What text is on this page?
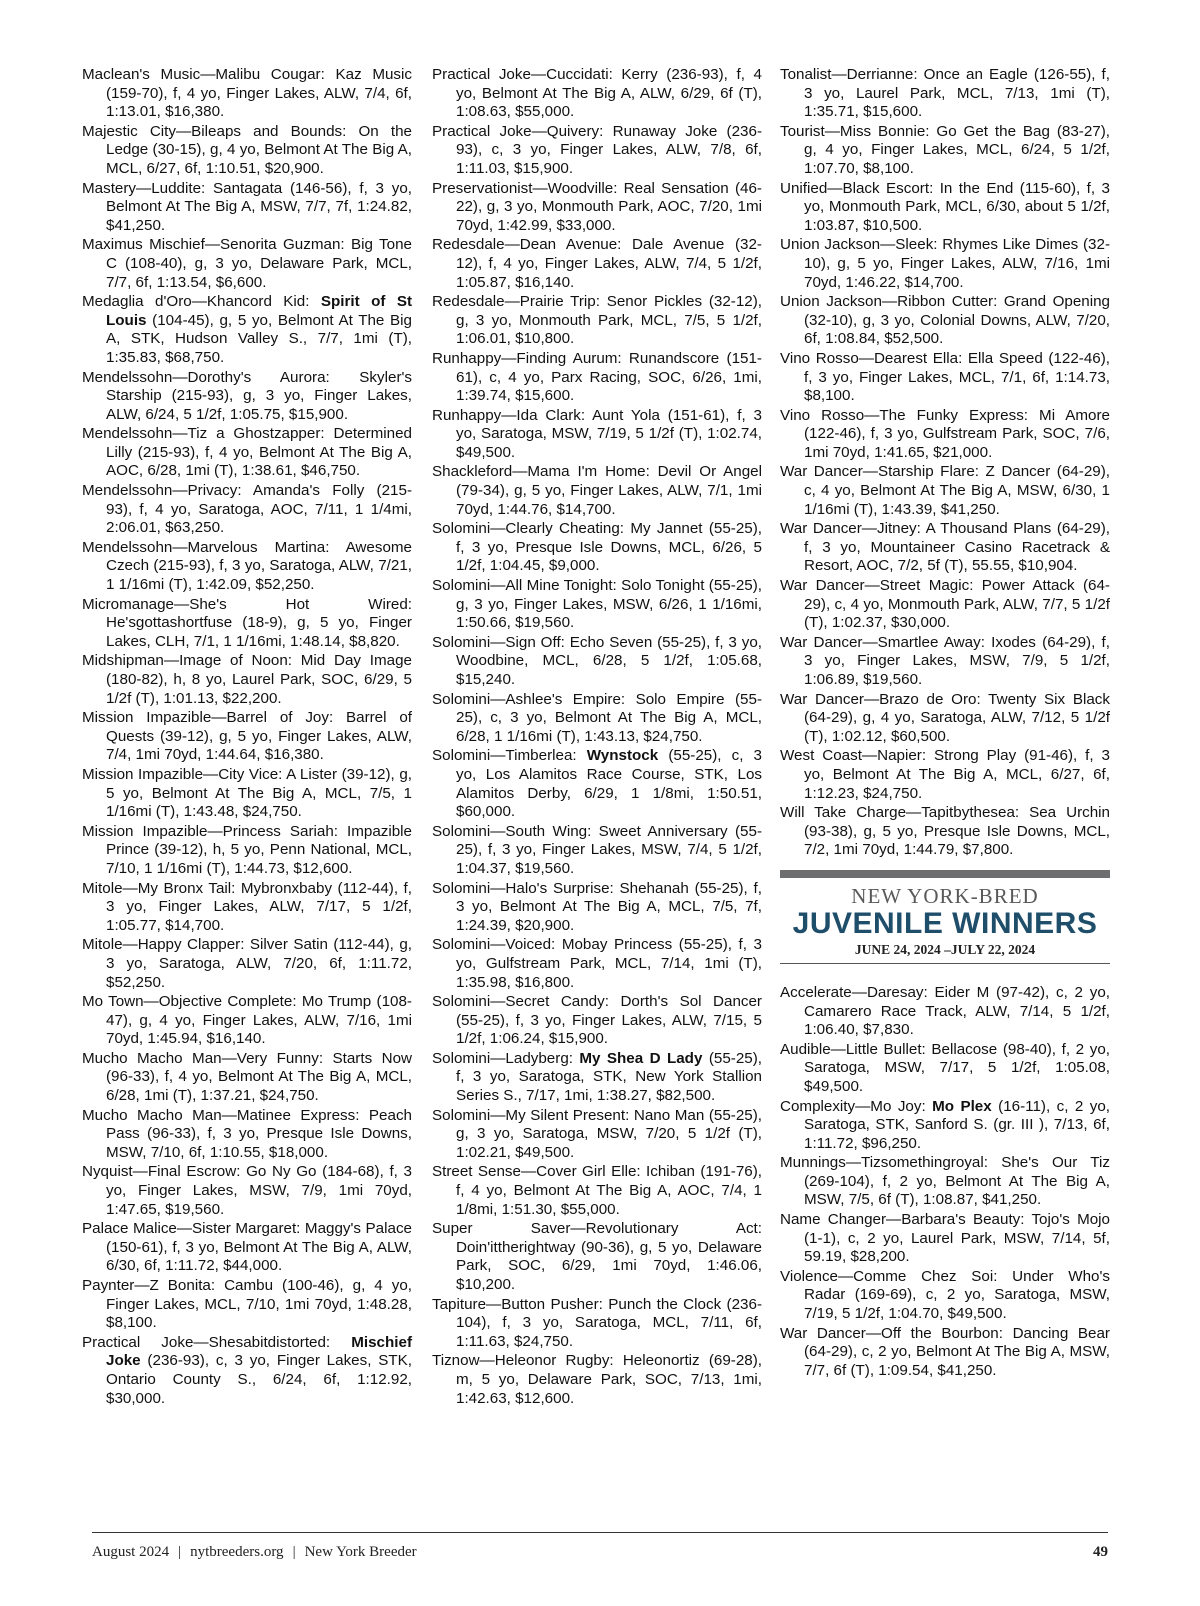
Maclean's Music—Malibu Cougar: Kaz Music (159-70), f, 4 yo, Finger Lakes, ALW, 7/4, 6f, 1:13.01, $16,380.

Majestic City—Bileaps and Bounds: On the Ledge (30-15), g, 4 yo, Belmont At The Big A, MCL, 6/27, 6f, 1:10.51, $20,900.

Mastery—Luddite: Santagata (146-56), f, 3 yo, Belmont At The Big A, MSW, 7/7, 7f, 1:24.82, $41,250.

Maximus Mischief—Senorita Guzman: Big Tone C (108-40), g, 3 yo, Delaware Park, MCL, 7/7, 6f, 1:13.54, $6,600.

Medaglia d'Oro—Khancord Kid: Spirit of St Louis (104-45), g, 5 yo, Belmont At The Big A, STK, Hudson Valley S., 7/7, 1mi (T), 1:35.83, $68,750.

Mendelssohn—Dorothy's Aurora: Skyler's Starship (215-93), g, 3 yo, Finger Lakes, ALW, 6/24, 5 1/2f, 1:05.75, $15,900.

Mendelssohn—Tiz a Ghostzapper: Determined Lilly (215-93), f, 4 yo, Belmont At The Big A, AOC, 6/28, 1mi (T), 1:38.61, $46,750.

Mendelssohn—Privacy: Amanda's Folly (215-93), f, 4 yo, Saratoga, AOC, 7/11, 1 1/4mi, 2:06.01, $63,250.

Mendelssohn—Marvelous Martina: Awesome Czech (215-93), f, 3 yo, Saratoga, ALW, 7/21, 1 1/16mi (T), 1:42.09, $52,250.

Micromanage—She's Hot Wired: He'sgottashortfuse (18-9), g, 5 yo, Finger Lakes, CLH, 7/1, 1 1/16mi, 1:48.14, $8,820.

Midshipman—Image of Noon: Mid Day Image (180-82), h, 8 yo, Laurel Park, SOC, 6/29, 5 1/2f (T), 1:01.13, $22,200.

Mission Impazible—Barrel of Joy: Barrel of Quests (39-12), g, 5 yo, Finger Lakes, ALW, 7/4, 1mi 70yd, 1:44.64, $16,380.

Mission Impazible—City Vice: A Lister (39-12), g, 5 yo, Belmont At The Big A, MCL, 7/5, 1 1/16mi (T), 1:43.48, $24,750.

Mission Impazible—Princess Sariah: Impazible Prince (39-12), h, 5 yo, Penn National, MCL, 7/10, 1 1/16mi (T), 1:44.73, $12,600.

Mitole—My Bronx Tail: Mybronxbaby (112-44), f, 3 yo, Finger Lakes, ALW, 7/17, 5 1/2f, 1:05.77, $14,700.

Mitole—Happy Clapper: Silver Satin (112-44), g, 3 yo, Saratoga, ALW, 7/20, 6f, 1:11.72, $52,250.

Mo Town—Objective Complete: Mo Trump (108-47), g, 4 yo, Finger Lakes, ALW, 7/16, 1mi 70yd, 1:45.94, $16,140.

Mucho Macho Man—Very Funny: Starts Now (96-33), f, 4 yo, Belmont At The Big A, MCL, 6/28, 1mi (T), 1:37.21, $24,750.

Mucho Macho Man—Matinee Express: Peach Pass (96-33), f, 3 yo, Presque Isle Downs, MSW, 7/10, 6f, 1:10.55, $18,000.

Nyquist—Final Escrow: Go Ny Go (184-68), f, 3 yo, Finger Lakes, MSW, 7/9, 1mi 70yd, 1:47.65, $19,560.

Palace Malice—Sister Margaret: Maggy's Palace (150-61), f, 3 yo, Belmont At The Big A, ALW, 6/30, 6f, 1:11.72, $44,000.

Paynter—Z Bonita: Cambu (100-46), g, 4 yo, Finger Lakes, MCL, 7/10, 1mi 70yd, 1:48.28, $8,100.

Practical Joke—Shesabitdistorted: Mischief Joke (236-93), c, 3 yo, Finger Lakes, STK, Ontario County S., 6/24, 6f, 1:12.92, $30,000.

Practical Joke—Cuccidati: Kerry (236-93), f, 4 yo, Belmont At The Big A, ALW, 6/29, 6f (T), 1:08.63, $55,000.

Practical Joke—Quivery: Runaway Joke (236-93), c, 3 yo, Finger Lakes, ALW, 7/8, 6f, 1:11.03, $15,900.

Preservationist—Woodville: Real Sensation (46-22), g, 3 yo, Monmouth Park, AOC, 7/20, 1mi 70yd, 1:42.99, $33,000.

Redesdale—Dean Avenue: Dale Avenue (32-12), f, 4 yo, Finger Lakes, ALW, 7/4, 5 1/2f, 1:05.87, $16,140.

Redesdale—Prairie Trip: Senor Pickles (32-12), g, 3 yo, Monmouth Park, MCL, 7/5, 5 1/2f, 1:06.01, $10,800.

Runhappy—Finding Aurum: Runandscore (151-61), c, 4 yo, Parx Racing, SOC, 6/26, 1mi, 1:39.74, $15,600.

Runhappy—Ida Clark: Aunt Yola (151-61), f, 3 yo, Saratoga, MSW, 7/19, 5 1/2f (T), 1:02.74, $49,500.

Shackleford—Mama I'm Home: Devil Or Angel (79-34), g, 5 yo, Finger Lakes, ALW, 7/1, 1mi 70yd, 1:44.76, $14,700.

Solomini—Clearly Cheating: My Jannet (55-25), f, 3 yo, Presque Isle Downs, MCL, 6/26, 5 1/2f, 1:04.45, $9,000.

Solomini—All Mine Tonight: Solo Tonight (55-25), g, 3 yo, Finger Lakes, MSW, 6/26, 1 1/16mi, 1:50.66, $19,560.

Solomini—Sign Off: Echo Seven (55-25), f, 3 yo, Woodbine, MCL, 6/28, 5 1/2f, 1:05.68, $15,240.

Solomini—Ashlee's Empire: Solo Empire (55-25), c, 3 yo, Belmont At The Big A, MCL, 6/28, 1 1/16mi (T), 1:43.13, $24,750.

Solomini—Timberlea: Wynstock (55-25), c, 3 yo, Los Alamitos Race Course, STK, Los Alamitos Derby, 6/29, 1 1/8mi, 1:50.51, $60,000.

Solomini—South Wing: Sweet Anniversary (55-25), f, 3 yo, Finger Lakes, MSW, 7/4, 5 1/2f, 1:04.37, $19,560.

Solomini—Halo's Surprise: Shehanah (55-25), f, 3 yo, Belmont At The Big A, MCL, 7/5, 7f, 1:24.39, $20,900.

Solomini—Voiced: Mobay Princess (55-25), f, 3 yo, Gulfstream Park, MCL, 7/14, 1mi (T), 1:35.98, $16,800.

Solomini—Secret Candy: Dorth's Sol Dancer (55-25), f, 3 yo, Finger Lakes, ALW, 7/15, 5 1/2f, 1:06.24, $15,900.

Solomini—Ladyberg: My Shea D Lady (55-25), f, 3 yo, Saratoga, STK, New York Stallion Series S., 7/17, 1mi, 1:38.27, $82,500.

Solomini—My Silent Present: Nano Man (55-25), g, 3 yo, Saratoga, MSW, 7/20, 5 1/2f (T), 1:02.21, $49,500.

Street Sense—Cover Girl Elle: Ichiban (191-76), f, 4 yo, Belmont At The Big A, AOC, 7/4, 1 1/8mi, 1:51.30, $55,000.

Super Saver—Revolutionary Act: Doin'ittherightway (90-36), g, 5 yo, Delaware Park, SOC, 6/29, 1mi 70yd, 1:46.06, $10,200.

Tapiture—Button Pusher: Punch the Clock (236-104), f, 3 yo, Saratoga, MCL, 7/11, 6f, 1:11.63, $24,750.

Tiznow—Heleonor Rugby: Heleonortiz (69-28), m, 5 yo, Delaware Park, SOC, 7/13, 1mi, 1:42.63, $12,600.

Tonalist—Derrianne: Once an Eagle (126-55), f, 3 yo, Laurel Park, MCL, 7/13, 1mi (T), 1:35.71, $15,600.

Tourist—Miss Bonnie: Go Get the Bag (83-27), g, 4 yo, Finger Lakes, MCL, 6/24, 5 1/2f, 1:07.70, $8,100.

Unified—Black Escort: In the End (115-60), f, 3 yo, Monmouth Park, MCL, 6/30, about 5 1/2f, 1:03.87, $10,500.

Union Jackson—Sleek: Rhymes Like Dimes (32-10), g, 5 yo, Finger Lakes, ALW, 7/16, 1mi 70yd, 1:46.22, $14,700.

Union Jackson—Ribbon Cutter: Grand Opening (32-10), g, 3 yo, Colonial Downs, ALW, 7/20, 6f, 1:08.84, $52,500.

Vino Rosso—Dearest Ella: Ella Speed (122-46), f, 3 yo, Finger Lakes, MCL, 7/1, 6f, 1:14.73, $8,100.

Vino Rosso—The Funky Express: Mi Amore (122-46), f, 3 yo, Gulfstream Park, SOC, 7/6, 1mi 70yd, 1:41.65, $21,000.

War Dancer—Starship Flare: Z Dancer (64-29), c, 4 yo, Belmont At The Big A, MSW, 6/30, 1 1/16mi (T), 1:43.39, $41,250.

War Dancer—Jitney: A Thousand Plans (64-29), f, 3 yo, Mountaineer Casino Racetrack & Resort, AOC, 7/2, 5f (T), 55.55, $10,904.

War Dancer—Street Magic: Power Attack (64-29), c, 4 yo, Monmouth Park, ALW, 7/7, 5 1/2f (T), 1:02.37, $30,000.

War Dancer—Smartlee Away: Ixodes (64-29), f, 3 yo, Finger Lakes, MSW, 7/9, 5 1/2f, 1:06.89, $19,560.

War Dancer—Brazo de Oro: Twenty Six Black (64-29), g, 4 yo, Saratoga, ALW, 7/12, 5 1/2f (T), 1:02.12, $60,500.

West Coast—Napier: Strong Play (91-46), f, 3 yo, Belmont At The Big A, MCL, 6/27, 6f, 1:12.23, $24,750.

Will Take Charge—Tapitbythesea: Sea Urchin (93-38), g, 5 yo, Presque Isle Downs, MCL, 7/2, 1mi 70yd, 1:44.79, $7,800.

NEW YORK-BRED
JUVENILE WINNERS
JUNE 24, 2024 –JULY 22, 2024

Accelerate—Daresay: Eider M (97-42), c, 2 yo, Camarero Race Track, ALW, 7/14, 5 1/2f, 1:06.40, $7,830.

Audible—Little Bullet: Bellacose (98-40), f, 2 yo, Saratoga, MSW, 7/17, 5 1/2f, 1:05.08, $49,500.

Complexity—Mo Joy: Mo Plex (16-11), c, 2 yo, Saratoga, STK, Sanford S. (gr. III ), 7/13, 6f, 1:11.72, $96,250.

Munnings—Tizsomethingroyal: She's Our Tiz (269-104), f, 2 yo, Belmont At The Big A, MSW, 7/5, 6f (T), 1:08.87, $41,250.

Name Changer—Barbara's Beauty: Tojo's Mojo (1-1), c, 2 yo, Laurel Park, MSW, 7/14, 5f, 59.19, $28,200.

Violence—Comme Chez Soi: Under Who's Radar (169-69), c, 2 yo, Saratoga, MSW, 7/19, 5 1/2f, 1:04.70, $49,500.

War Dancer—Off the Bourbon: Dancing Bear (64-29), c, 2 yo, Belmont At The Big A, MSW, 7/7, 6f (T), 1:09.54, $41,250.

August 2024 | nytbreeders.org | New York Breeder	49
